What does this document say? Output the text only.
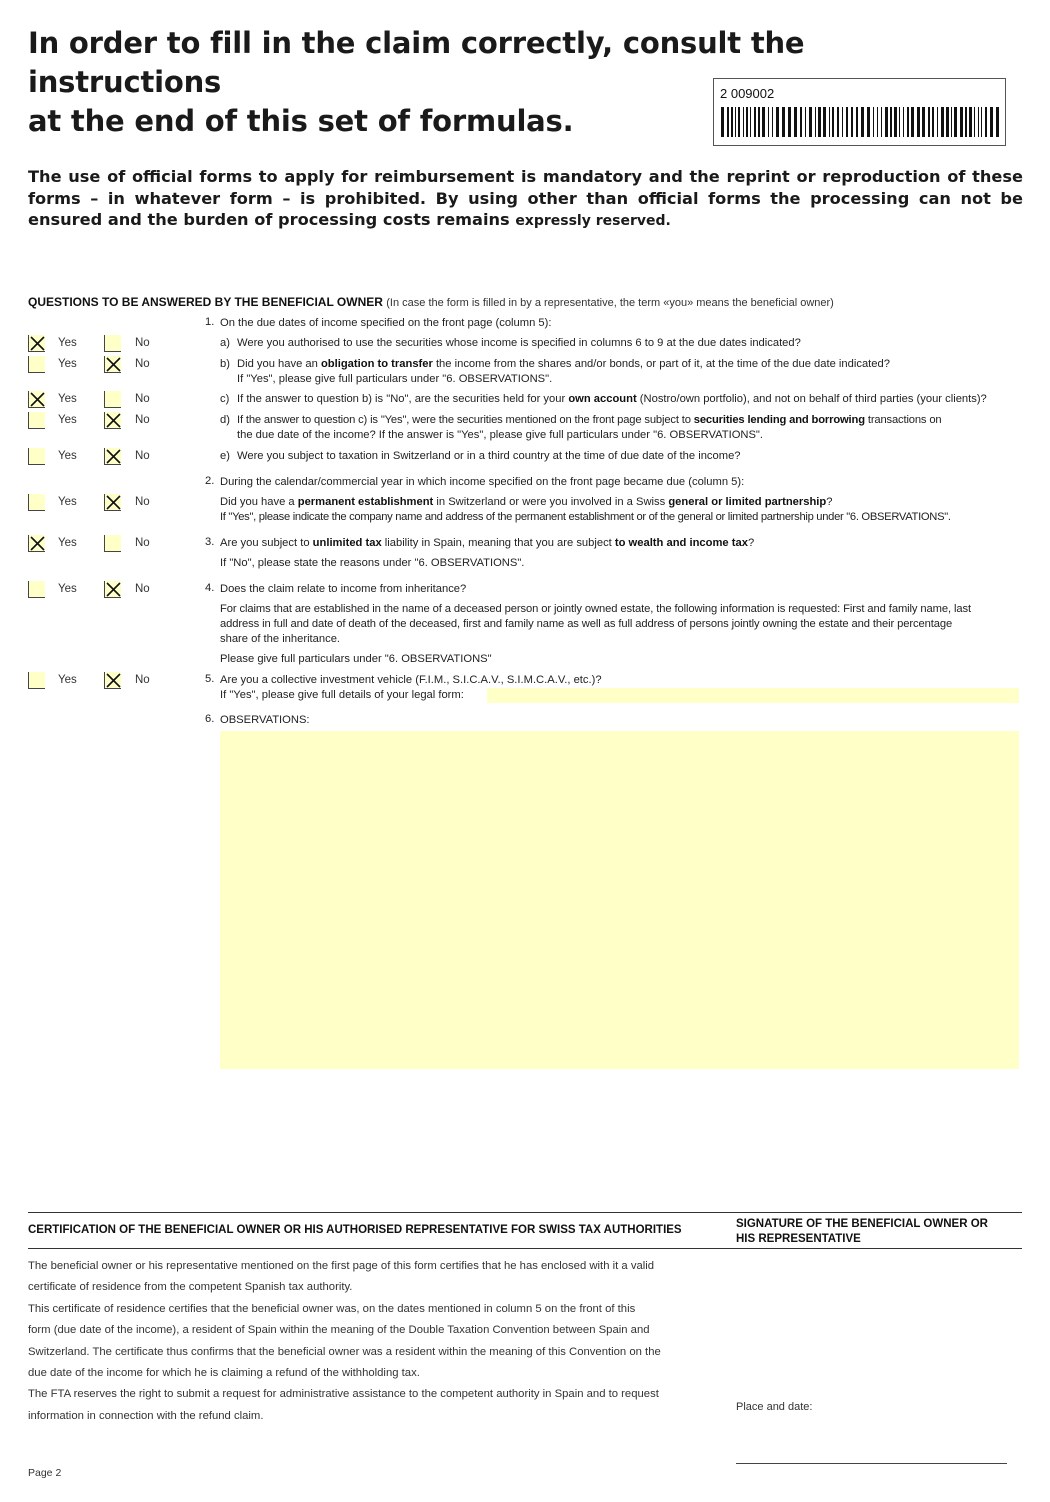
In order to fill in the claim correctly, consult the instructions
at the end of this set of formulas.
2 009002
The use of official forms to apply for reimbursement is mandatory and the reprint or reproduction of these forms – in whatever form – is prohibited. By using other than official forms the processing can not be ensured and the burden of processing costs remains expressly reserved.
QUESTIONS TO BE ANSWERED BY THE BENEFICIAL OWNER (In case the form is filled in by a representative, the term «you» means the beneficial owner)
1. On the due dates of income specified on the front page (column 5):
Yes	No	a) Were you authorised to use the securities whose income is specified in columns 6 to 9 at the due dates indicated?
Yes	No	b) Did you have an obligation to transfer the income from the shares and/or bonds, or part of it, at the time of the due date indicated?
If "Yes", please give full particulars under "6. OBSERVATIONS".
Yes	No	c) If the answer to question b) is "No", are the securities held for your own account (Nostro/own portfolio), and not on behalf of third parties (your clients)?
Yes	No	d) If the answer to question c) is "Yes", were the securities mentioned on the front page subject to securities lending and borrowing transactions on
the due date of the income? If the answer is "Yes", please give full particulars under "6. OBSERVATIONS".
Yes	No	e) Were you subject to taxation in Switzerland or in a third country at the time of due date of the income?
2. During the calendar/commercial year in which income specified on the front page became due (column 5):
Yes	No	Did you have a permanent establishment in Switzerland or were you involved in a Swiss general or limited partnership?
If "Yes", please indicate the company name and address of the permanent establishment or of the general or limited partnership under "6. OBSERVATIONS".
Yes	No	3. Are you subject to unlimited tax liability in Spain, meaning that you are subject to wealth and income tax?
If "No", please state the reasons under "6. OBSERVATIONS".
Yes	No	4. Does the claim relate to income from inheritance?
For claims that are established in the name of a deceased person or jointly owned estate, the following information is requested: First and family name, last
address in full and date of death of the deceased, first and family name as well as full address of persons jointly owning the estate and their percentage
share of the inheritance.
Please give full particulars under "6. OBSERVATIONS"
Yes	No	5. Are you a collective investment vehicle (F.I.M., S.I.C.A.V., S.I.M.C.A.V., etc.)?
If "Yes", please give full details of your legal form:
6. OBSERVATIONS:
CERTIFICATION OF THE BENEFICIAL OWNER OR HIS AUTHORISED REPRESENTATIVE FOR SWISS TAX AUTHORITIES	SIGNATURE OF THE BENEFICIAL OWNER OR
HIS REPRESENTATIVE
The beneficial owner or his representative mentioned on the first page of this form certifies that he has enclosed with it a valid
certificate of residence from the competent Spanish tax authority.
This certificate of residence certifies that the beneficial owner was, on the dates mentioned in column 5 on the front of this
form (due date of the income), a resident of Spain within the meaning of the Double Taxation Convention between Spain and
Switzerland. The certificate thus confirms that the beneficial owner was a resident within the meaning of this Convention on the
due date of the income for which he is claiming a refund of the withholding tax.
The FTA reserves the right to submit a request for administrative assistance to the competent authority in Spain and to request
information in connection with the refund claim.
Place and date:
Page 2
